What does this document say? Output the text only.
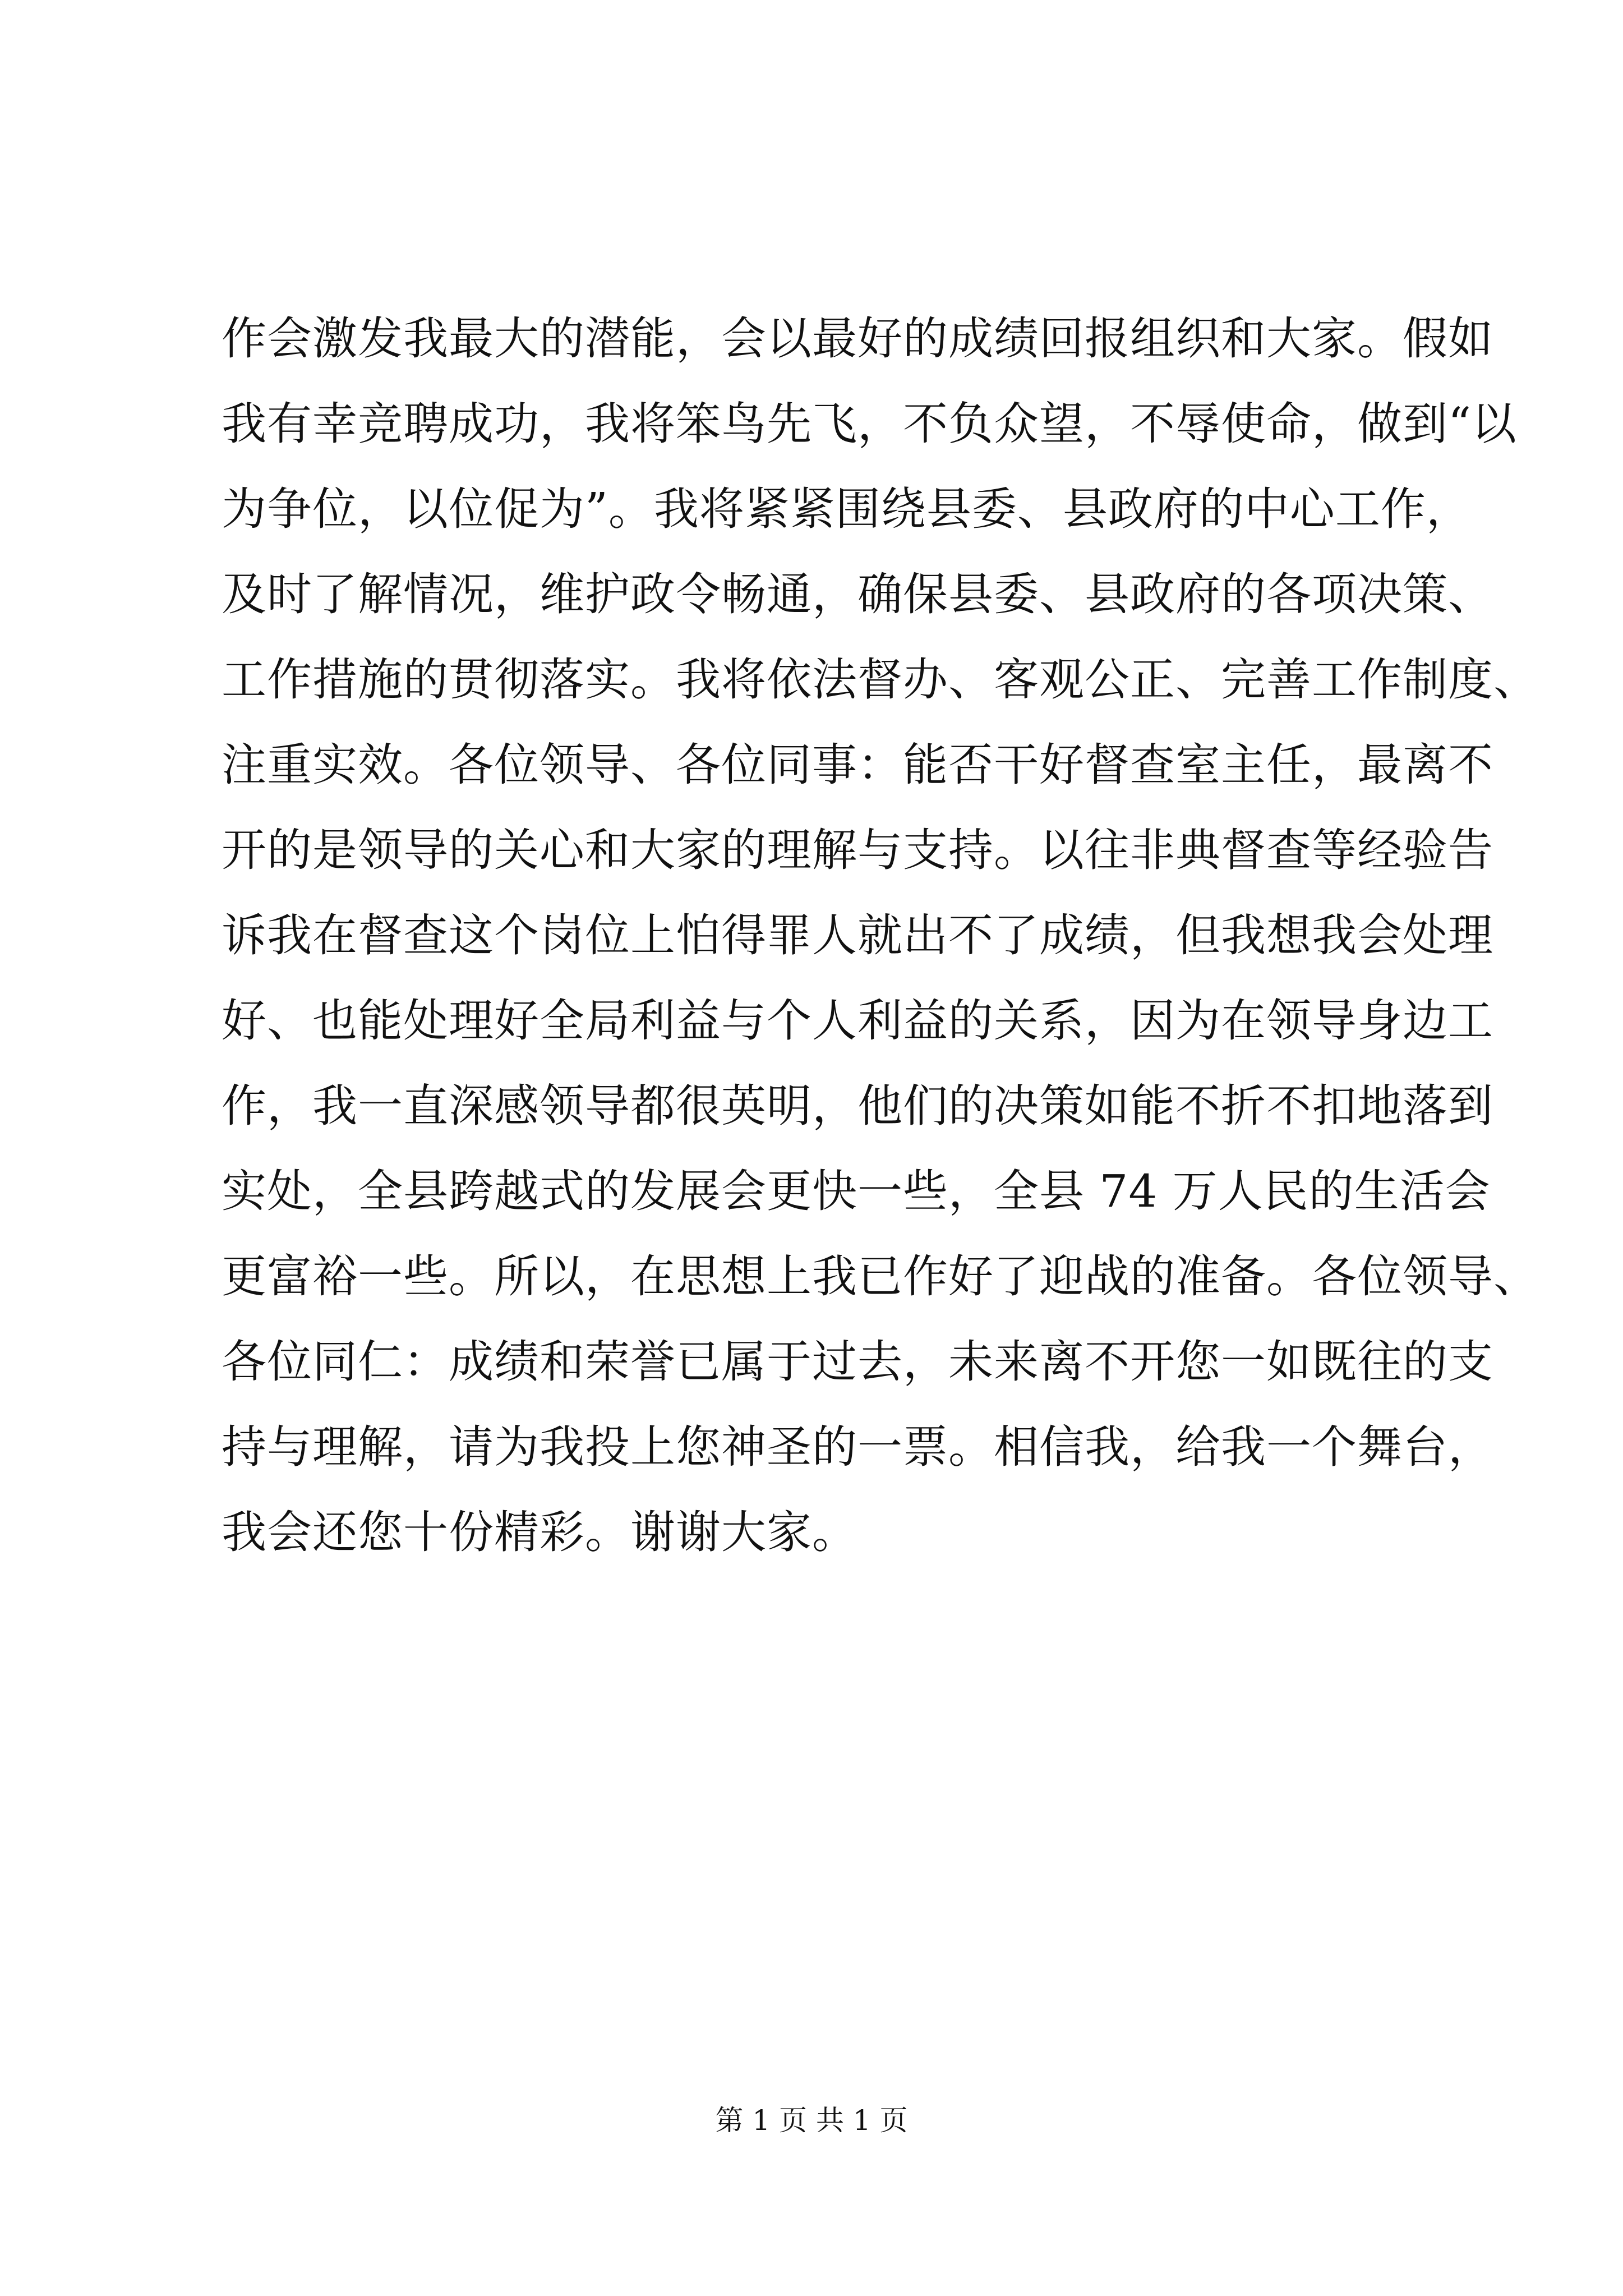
作会激发我最大的潜能，会以最好的成绩回报组织和大家。假如
我有幸竞聘成功，我将笨鸟先飞，不负众望，不辱使命，做到“以
为争位，以位促为”。我将紧紧围绕县委、县政府的中心工作，
及时了解情况，维护政令畅通，确保县委、县政府的各项决策、
工作措施的贯彻落实。我将依法督办、客观公正、完善工作制度、
注重实效。各位领导、各位同事：能否干好督查室主任，最离不
开的是领导的关心和大家的理解与支持。以往非典督查等经验告
诉我在督查这个岗位上怕得罪人就出不了成绩，但我想我会处理
好、也能处理好全局利益与个人利益的关系，因为在领导身边工
作，我一直深感领导都很英明，他们的决策如能不折不扣地落到
实处，全县跨越式的发展会更快一些，全县 74 万人民的生活会
更富裕一些。所以，在思想上我已作好了迎战的准备。各位领导、
各位同仁：成绩和荣誉已属于过去，未来离不开您一如既往的支
持与理解，请为我投上您神圣的一票。相信我，给我一个舞台，
我会还您十份精彩。谢谢大家。
第 1 页 共 1 页
